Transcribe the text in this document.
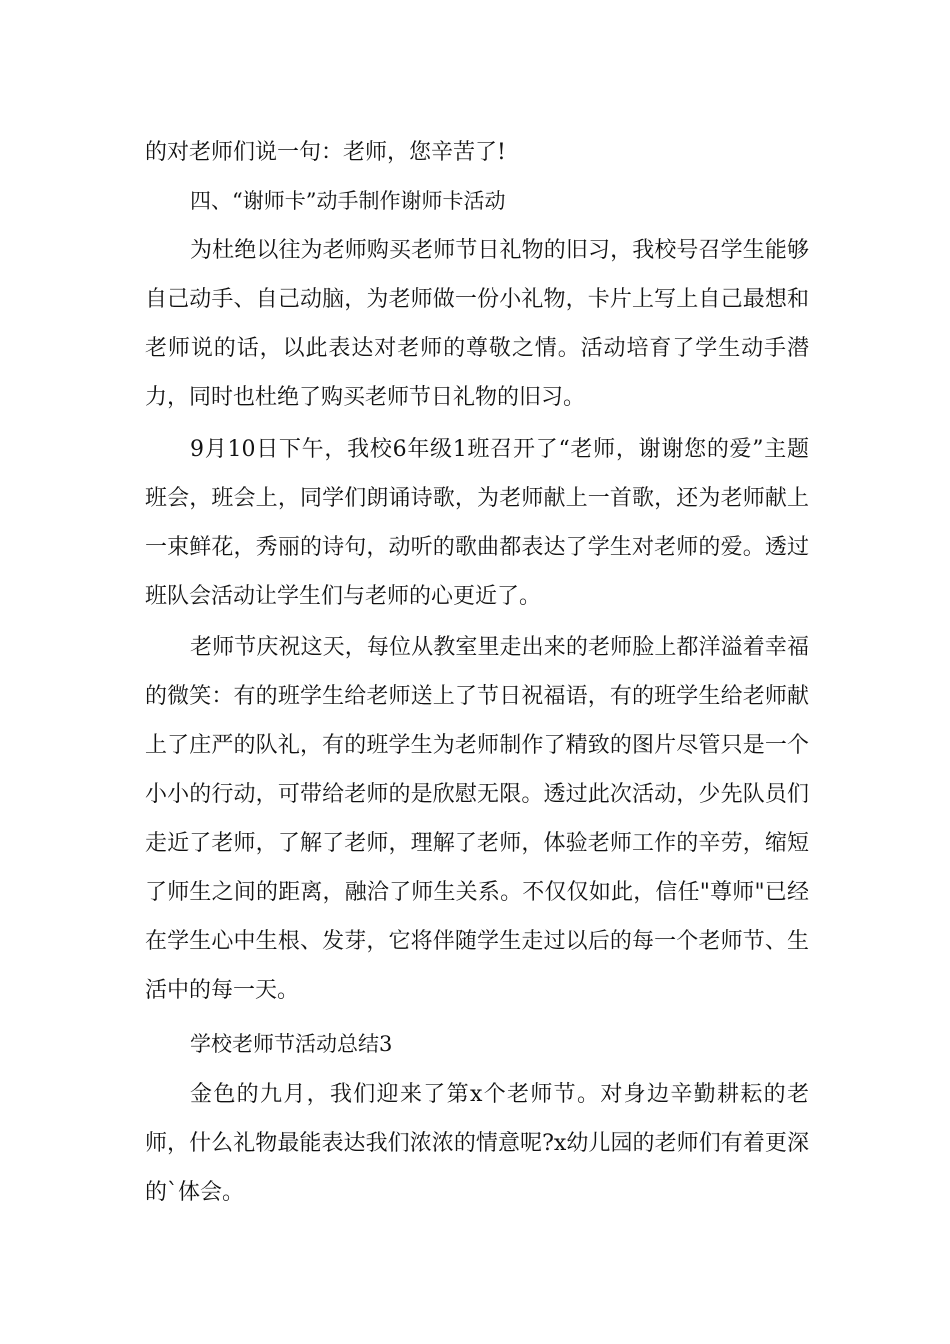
的对老师们说一句：老师，您辛苦了!

四、“谢师卡”动手制作谢师卡活动

为杜绝以往为老师购买老师节日礼物的旧习，我校号召学生能够自己动手、自己动脑，为老师做一份小礼物，卡片上写上自己最想和老师说的话，以此表达对老师的尊敬之情。活动培育了学生动手潜力，同时也杜绝了购买老师节日礼物的旧习。

9月10日下午，我校6年级1班召开了“老师，谢谢您的爱”主题班会，班会上，同学们朗诵诗歌，为老师献上一首歌，还为老师献上一束鲜花，秀丽的诗句，动听的歌曲都表达了学生对老师的爱。透过班队会活动让学生们与老师的心更近了。

老师节庆祝这天，每位从教室里走出来的老师脸上都洋溢着幸福的微笑：有的班学生给老师送上了节日祝福语，有的班学生给老师献上了庄严的队礼，有的班学生为老师制作了精致的图片尽管只是一个小小的行动，可带给老师的是欣慰无限。透过此次活动，少先队员们走近了老师，了解了老师，理解了老师，体验老师工作的辛劳，缩短了师生之间的距离，融洽了师生关系。不仅仅如此，信任"尊师"已经在学生心中生根、发芽，它将伴随学生走过以后的每一个老师节、生活中的每一天。

学校老师节活动总结3

金色的九月，我们迎来了第x个老师节。对身边辛勤耕耘的老师，什么礼物最能表达我们浓浓的情意呢?x幼儿园的老师们有着更深的`体会。
